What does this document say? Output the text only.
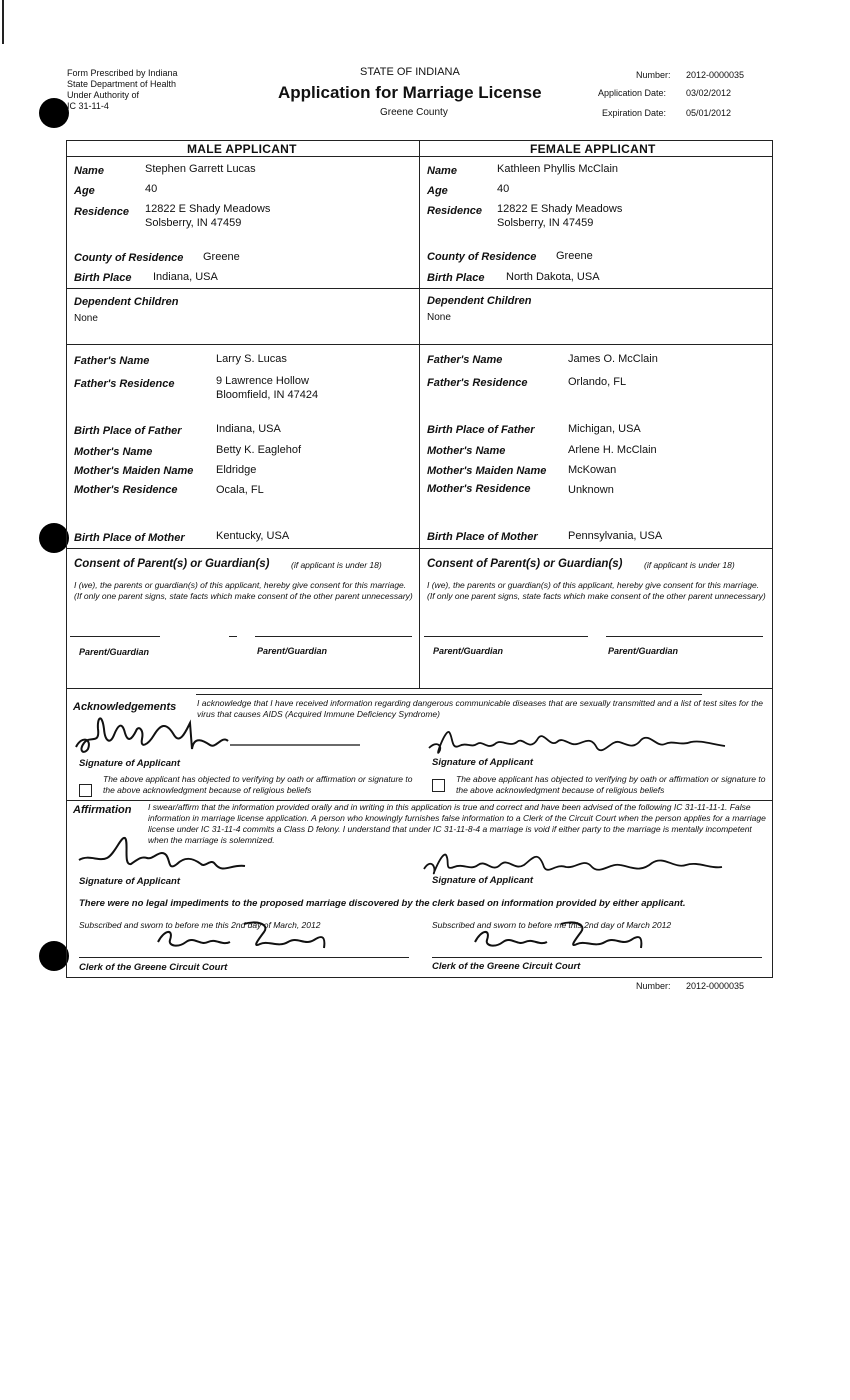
Form Prescribed by Indiana
State Department of Health
Under Authority of
IC 31-11-4
STATE OF INDIANA
Application for Marriage License
Greene County
Number: 2012-0000035
Application Date: 03/02/2012
Expiration Date: 05/01/2012
MALE APPLICANT	FEMALE APPLICANT
Name	Stephen Garrett Lucas
Age	40
Residence 12822 E Shady Meadows
Solsberry, IN 47459
County of Residence Greene
Birth Place Indiana, USA
Dependent Children
None
Father's Name	Larry S. Lucas
Father's Residence	9 Lawrence Hollow
Bloomfield, IN 47424
Birth Place of Father	Indiana, USA
Mother's Name	Betty K. Eaglehof
Mother's Maiden Name Eldridge
Mother's Residence	Ocala, FL
Birth Place of Mother	Kentucky, USA
Name	Kathleen Phyllis McClain
Age	40
Residence 12822 E Shady Meadows
Solsberry, IN 47459
County of Residence Greene
Birth Place North Dakota, USA
Dependent Children
None
Father's Name	James O. McClain
Father's Residence	Orlando, FL
Birth Place of Father	Michigan, USA
Mother's Name	Arlene H. McClain
Mother's Maiden Name McKowan
Mother's Residence	Unknown
Birth Place of Mother	Pennsylvania, USA
Consent of Parent(s) or Guardian(s)	(if applicant is under 18)
I (we), the parents or guardian(s) of this applicant, hereby give consent for this marriage. (If only one parent signs, state facts which make consent of the other parent unnecessary)
Parent/Guardian	Parent/Guardian
Consent of Parent(s) or Guardian(s)	(if applicant is under 18)
I (we), the parents or guardian(s) of this applicant, hereby give consent for this marriage. (If only one parent signs, state facts which make consent of the other parent unnecessary)
Parent/Guardian	Parent/Guardian
Acknowledgements I acknowledge that I have received information regarding dangerous communicable diseases that are sexually transmitted and a list of test sites for the virus that causes AIDS (Acquired Immune Deficiency Syndrome)
Signature of Applicant	Signature of Applicant
The above applicant has objected to verifying by oath or affirmation or signature to the above acknowledgment because of religious beliefs
The above applicant has objected to verifying by oath or affirmation or signature to the above acknowledgment because of religious beliefs
Affirmation I swear/affirm that the information provided orally and in writing in this application is true and correct and have been advised of the following IC 31-11-11-1. False information in marriage license application. A person who knowingly furnishes false information to a Clerk of the Circuit Court when the person applies for a marriage license under IC 31-11-4 commits a Class D felony. I understand that under IC 31-11-8-4 a marriage is void if either party to the marriage is mentally incompetent when the marriage is solemnized.
Signature of Applicant	Signature of Applicant
There were no legal impediments to the proposed marriage discovered by the clerk based on information provided by either applicant.
Subscribed and sworn to before me this 2nd day of March, 2012	Subscribed and sworn to before me this 2nd day of March 2012
Clerk of the Greene Circuit Court	Clerk of the Greene Circuit Court
Number: 2012-0000035
